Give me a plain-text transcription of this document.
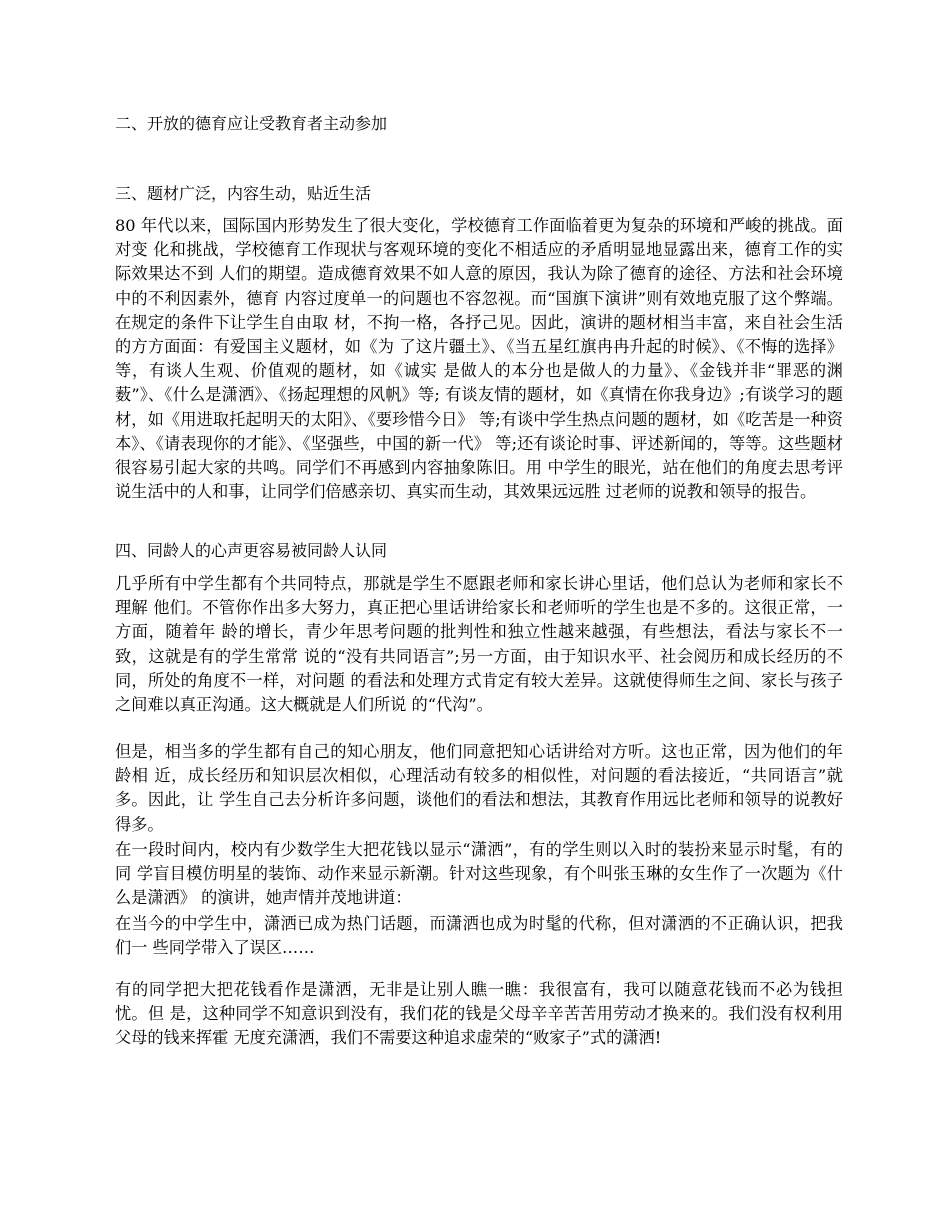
二、开放的德育应让受教育者主动参加

三、题材广泛，内容生动，贴近生活

80 年代以来，国际国内形势发生了很大变化，学校德育工作面临着更为复杂的环境和严峻的挑战。面对变 化和挑战，学校德育工作现状与客观环境的变化不相适应的矛盾明显地显露出来，德育工作的实际效果达不到 人们的期望。造成德育效果不如人意的原因，我认为除了德育的途径、方法和社会环境中的不利因素外，德育 内容过度单一的问题也不容忽视。而“国旗下演讲”则有效地克服了这个弊端。在规定的条件下让学生自由取 材，不拘一格，各抒己见。因此，演讲的题材相当丰富，来自社会生活的方方面面：有爱国主义题材，如《为 了这片疆土》、《当五星红旗冉冉升起的时候》、《不悔的选择》等，有谈人生观、价值观的题材，如《诚实 是做人的本分也是做人的力量》、《金钱并非“罪恶的渊薮”》、《什么是潇洒》、《扬起理想的风帆》等; 有谈友情的题材，如《真情在你我身边》;有谈学习的题材，如《用进取托起明天的太阳》、《要珍惜今日》 等;有谈中学生热点问题的题材，如《吃苦是一种资本》、《请表现你的才能》、《坚强些，中国的新一代》 等;还有谈论时事、评述新闻的，等等。这些题材很容易引起大家的共鸣。同学们不再感到内容抽象陈旧。用 中学生的眼光，站在他们的角度去思考评说生活中的人和事，让同学们倍感亲切、真实而生动，其效果远远胜 过老师的说教和领导的报告。

四、同龄人的心声更容易被同龄人认同

几乎所有中学生都有个共同特点，那就是学生不愿跟老师和家长讲心里话，他们总认为老师和家长不理解 他们。不管你作出多大努力，真正把心里话讲给家长和老师听的学生也是不多的。这很正常，一方面，随着年 龄的增长，青少年思考问题的批判性和独立性越来越强，有些想法，看法与家长不一致，这就是有的学生常常 说的“没有共同语言”;另一方面，由于知识水平、社会阅历和成长经历的不同，所处的角度不一样，对问题 的看法和处理方式肯定有较大差异。这就使得师生之间、家长与孩子之间难以真正沟通。这大概就是人们所说 的“代沟”。

但是，相当多的学生都有自己的知心朋友，他们同意把知心话讲给对方听。这也正常，因为他们的年龄相 近，成长经历和知识层次相似，心理活动有较多的相似性，对问题的看法接近，“共同语言”就多。因此，让 学生自己去分析许多问题，谈他们的看法和想法，其教育作用远比老师和领导的说教好得多。

在一段时间内，校内有少数学生大把花钱以显示“潇洒”，有的学生则以入时的装扮来显示时髦，有的同 学盲目模仿明星的装饰、动作来显示新潮。针对这些现象，有个叫张玉琳的女生作了一次题为《什么是潇洒》 的演讲，她声情并茂地讲道：

在当今的中学生中，潇洒已成为热门话题，而潇洒也成为时髦的代称，但对潇洒的不正确认识，把我们一 些同学带入了误区……

有的同学把大把花钱看作是潇洒，无非是让别人瞧一瞧：我很富有，我可以随意花钱而不必为钱担忧。但 是，这种同学不知意识到没有，我们花的钱是父母辛辛苦苦用劳动才换来的。我们没有权利用父母的钱来挥霍 无度充潇洒，我们不需要这种追求虚荣的“败家子”式的潇洒!
